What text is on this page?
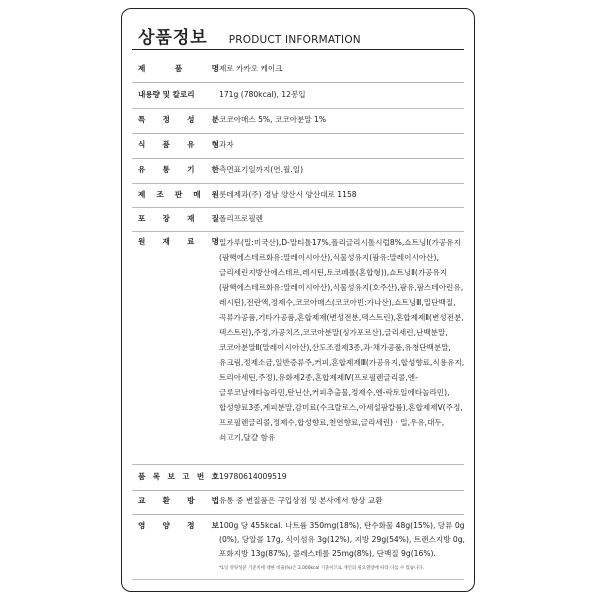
상품정보 PRODUCT INFORMATION
제	품	명 제로 카카오 케이크
내용량 및 칼로리	171g (780kcal), 12봉입
특 정 성 분 코코아매스 5%, 코코아분말 1%
식 품 유 형 과자
유 통 기 한 측면표기일까지(연.월.일)
제 조 판 매 원 롯데제과(주) 경남 양산시 양산대로 1158
포 장 재 질 폴리프로필렌
원 재 료 명 밀가루(밀:미국산),D-말티톨17%,폴리글리시톨시럽8%,쇼트닝Ⅰ(가공유지(팜핵에스테르화유:말레이시아산),식물성유지(팜유:말레이시아산),글리세린지방산에스테르,레시틴,토코페롤(혼합형)),쇼트닝Ⅱ(가공유지(팜핵에스테르화유:말레이시아산),식물성유지(호주산),팜유,팜스테아린유,레시틴),전란액,정제수,코코아매스(코코아빈:가나산),쇼트닝Ⅲ,밀단백질,곡류가공품,기타가공품,혼합제제(변성전분,덱스트린),혼합제제Ⅱ(변성전분,덱스트린),주정,가공치즈,코코아분말(싱가포르산),글리세린,난백분말,코코아분말Ⅱ(말레이시아산),산도조절제3종,과·채가공품,유청단백분말,유크림,정제소금,일반증류주,커피,혼합제제Ⅲ(가공유지,합성향료,식용유지,트리아세틴,주정),유화제2종,혼합제제Ⅳ(프로필렌글리콜,엔-글루코날에타놀라민,탄닌산,커피추출물,정제수,엔-락토일에타놀라민),합성향료3종,계피분말,감미료(수크랄로스,아세설팜칼륨),혼합제제Ⅴ(주정,프로필렌글리콜,정제수,합성향료,천연향료,글리세린) · 밀,우유,대두,쇠고기,달걀 함유
품 목 보 고 번 호 19780614009519
교 환 방 법 유통 중 변질품은 구입상점 및 본사에서 항상 교환
영 양 정 보 100g 당 455kcal. 나트륨 350mg(18%), 탄수화물 48g(15%), 당류 0g (0%), 당알콜 17g, 식이섬유 3g(12%), 지방 29g(54%), 트랜스지방 0g, 포화지방 13g(87%), 콜레스테롤 25mg(8%), 단백질 9g(16%).
*1일 영양성분 기준치에 대한 비율(%)은 2,000kcal 기준이므로 개인의 필요열량에 따라 다를 수 있습니다.
